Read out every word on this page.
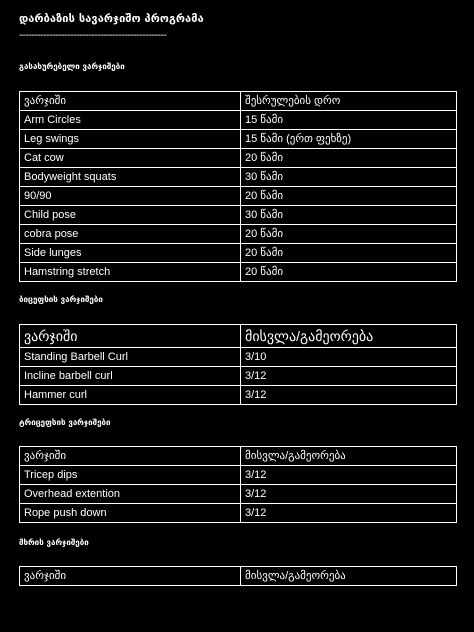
დარბაზის სავარჯიშო პროგრამა
-------------------------------------------------
გასახურებელი ვარჯიშები
ვარჯიში	შესრულების დრო
Arm Circles	15 წამი
Leg swings	15 წამი (ერთ ფეხზე)
Cat cow	20 წამი
Bodyweight squats	30 წამი
90/90	20 წამი
Child pose	30 წამი
cobra pose	20 წამი
Side lunges	20 წამი
Hamstring stretch	20 წამი
ბიცეფსის ვარჯიშები
ვარჯიში	მისვლა/გამეორება
Standing Barbell Curl	3/10
Incline barbell curl	3/12
Hammer curl	3/12
ტრიცეფსის ვარჯიშები
ვარჯიში	მისვლა/გამეორება
Tricep dips	3/12
Overhead extention	3/12
Rope push down	3/12
მხრის ვარჯიშები
ვარჯიში	მისვლა/გამეორება
